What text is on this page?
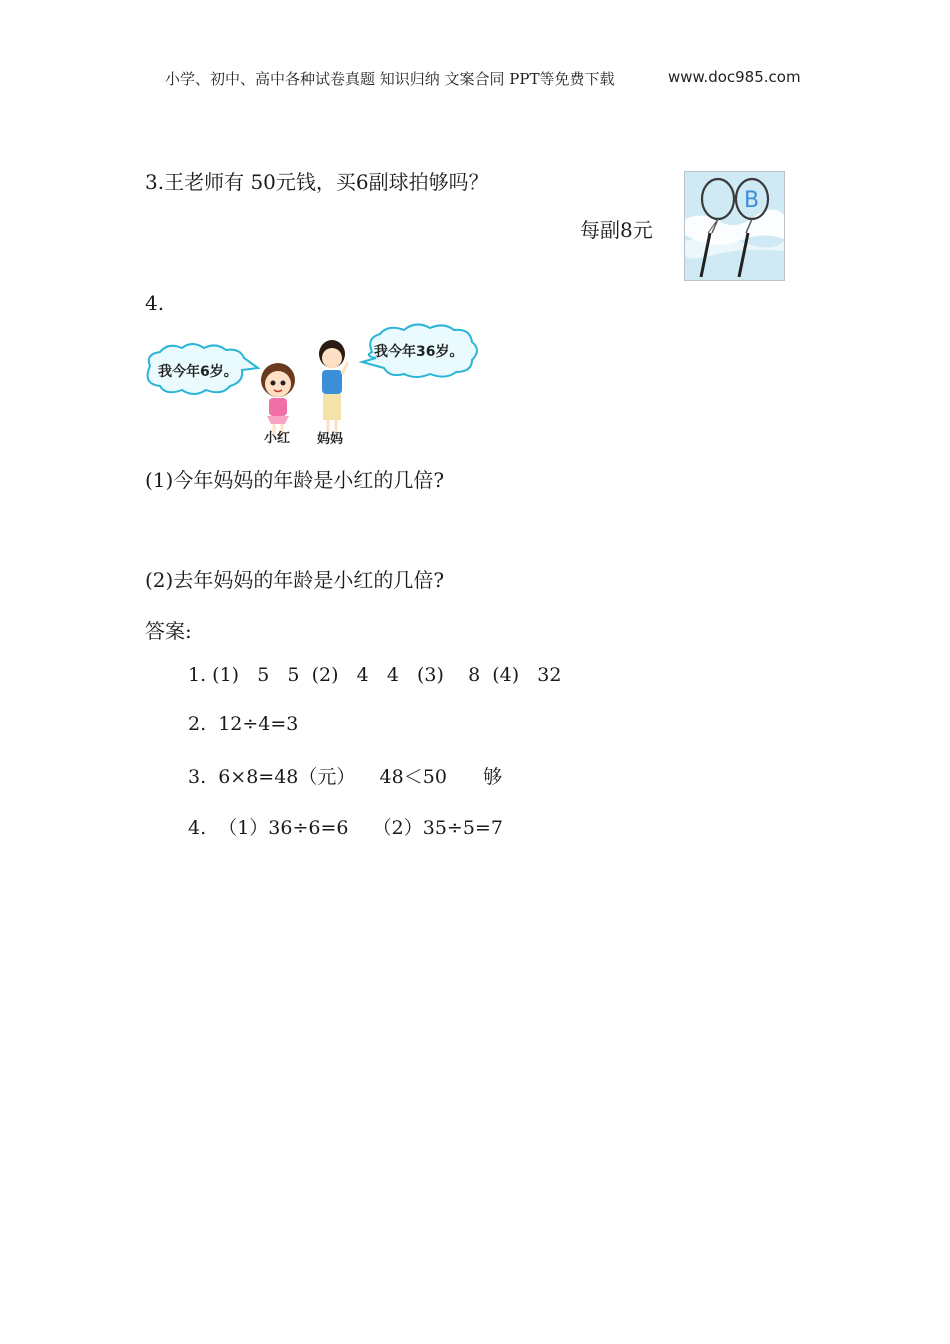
小学、初中、高中各种试卷真题 知识归纳 文案合同 PPT等免费下载	www.doc985.com
3.王老师有 50元钱，买6副球拍够吗？
每副8元
B
4.
我今年6岁。
我今年36岁。
小红 妈妈
(1)今年妈妈的年龄是小红的几倍?
(2)去年妈妈的年龄是小红的几倍?
答案:
1. (1)   5   5  (2)   4   4   (3)    8  (4)   32
2.  12÷4=3
3.  6×8=48（元）    48＜50      够
4.  （1）36÷6=6    （2）35÷5=7
